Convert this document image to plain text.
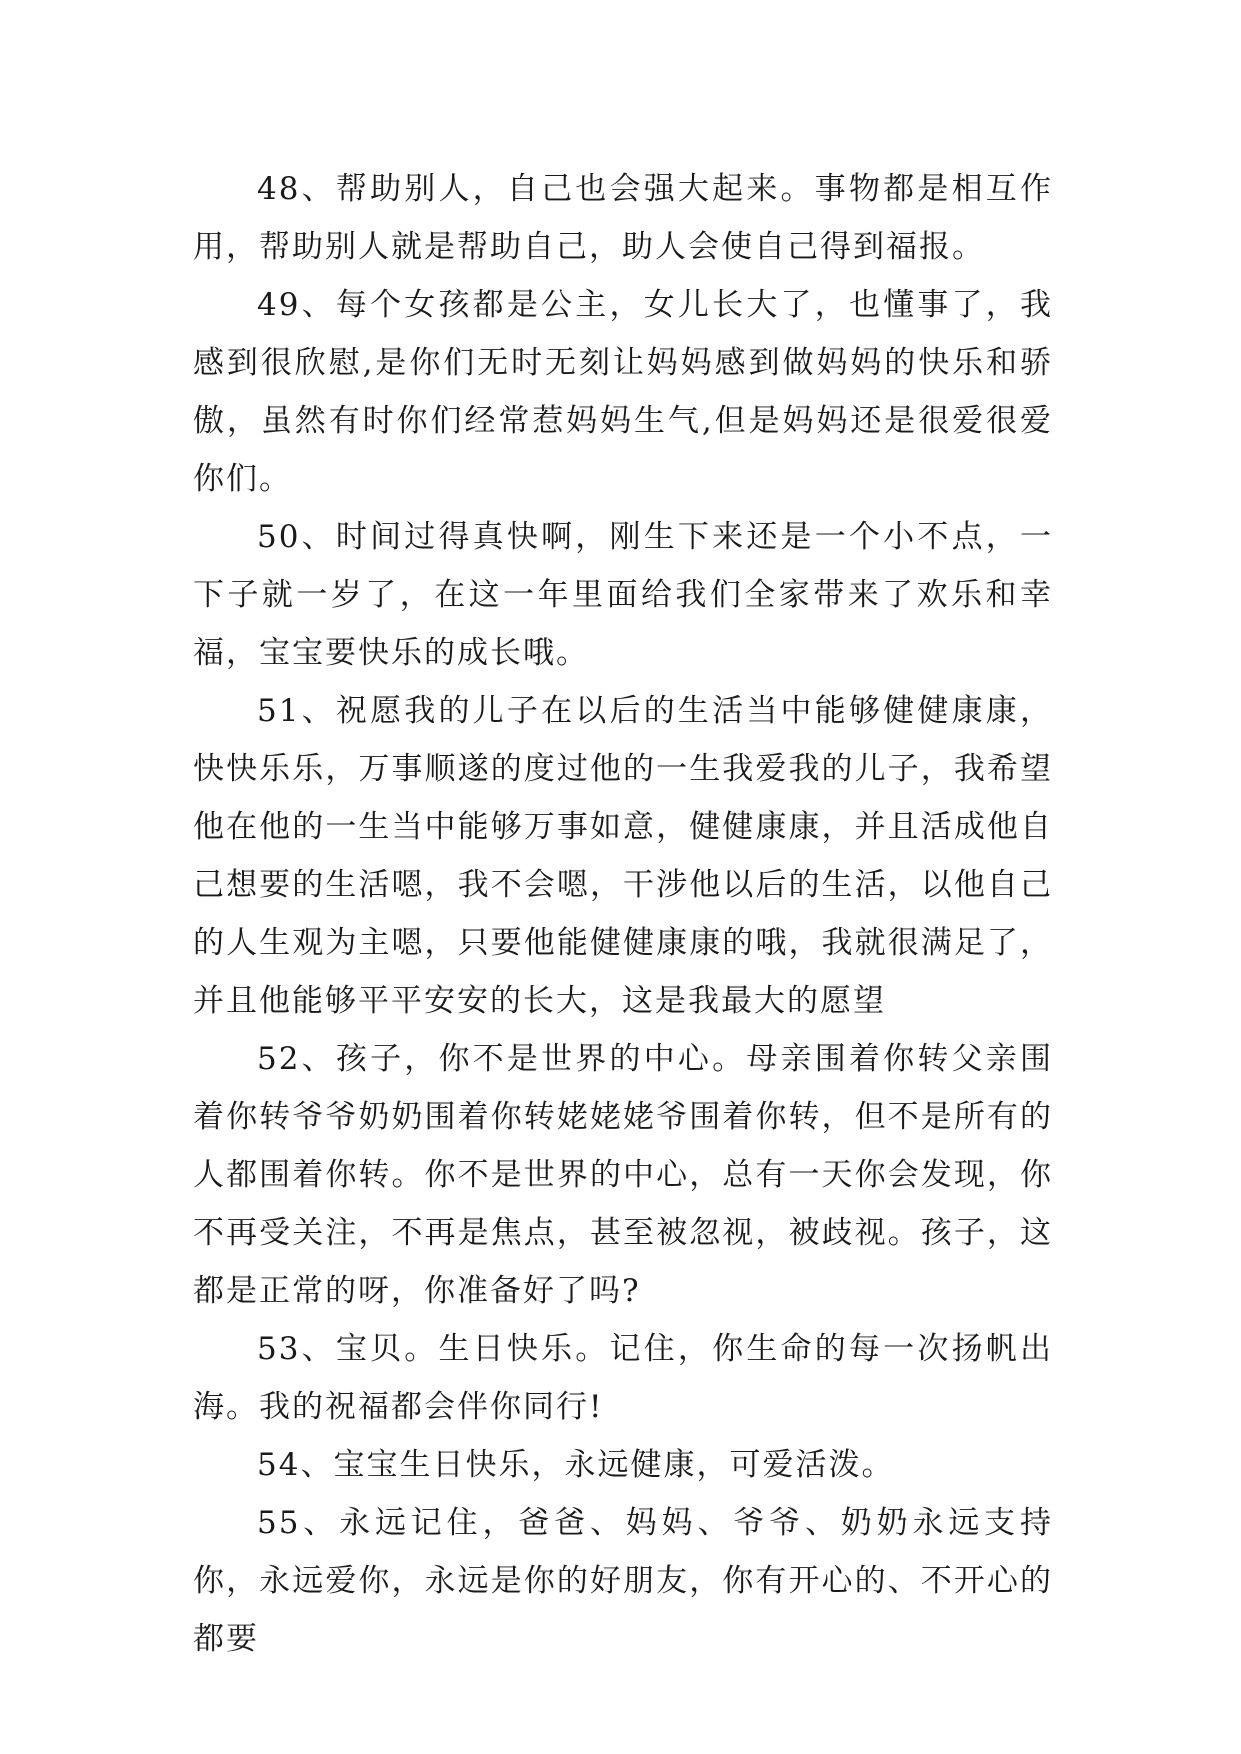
48、帮助别人，自己也会强大起来。事物都是相互作用，帮助别人就是帮助自己，助人会使自己得到福报。

49、每个女孩都是公主，女儿长大了，也懂事了，我感到很欣慰,是你们无时无刻让妈妈感到做妈妈的快乐和骄傲，虽然有时你们经常惹妈妈生气,但是妈妈还是很爱很爱你们。

50、时间过得真快啊，刚生下来还是一个小不点，一下子就一岁了，在这一年里面给我们全家带来了欢乐和幸福，宝宝要快乐的成长哦。

51、祝愿我的儿子在以后的生活当中能够健健康康，快快乐乐，万事顺遂的度过他的一生我爱我的儿子，我希望他在他的一生当中能够万事如意，健健康康，并且活成他自己想要的生活嗯，我不会嗯，干涉他以后的生活，以他自己的人生观为主嗯，只要他能健健康康的哦，我就很满足了，并且他能够平平安安的长大，这是我最大的愿望

52、孩子，你不是世界的中心。母亲围着你转父亲围着你转爷爷奶奶围着你转姥姥姥爷围着你转，但不是所有的人都围着你转。你不是世界的中心，总有一天你会发现，你不再受关注，不再是焦点，甚至被忽视，被歧视。孩子，这都是正常的呀，你准备好了吗?

53、宝贝。生日快乐。记住，你生命的每一次扬帆出海。我的祝福都会伴你同行!

54、宝宝生日快乐，永远健康，可爱活泼。

55、永远记住，爸爸、妈妈、爷爷、奶奶永远支持你，永远爱你，永远是你的好朋友，你有开心的、不开心的都要
